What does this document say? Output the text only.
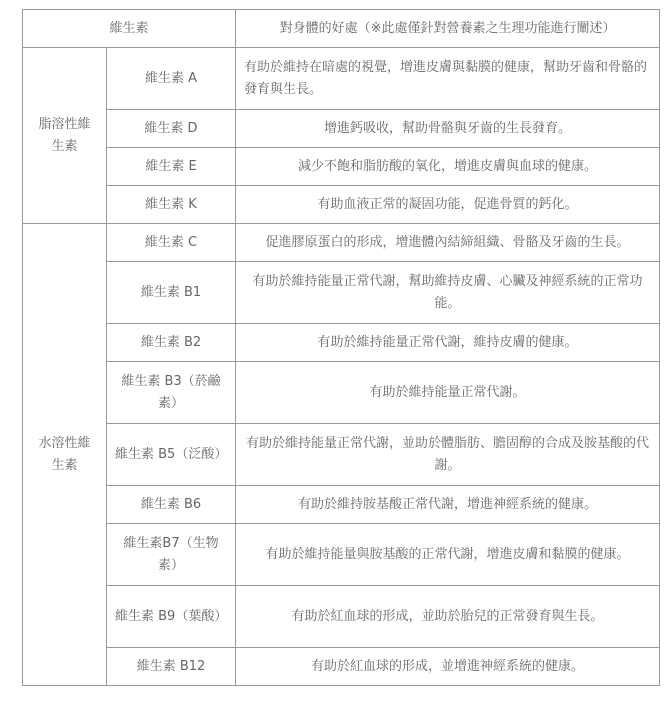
維生素		對身體的好處（※此處僅針對營養素之生理功能進行闡述）
脂溶性維生素	維生素 A	有助於維持在暗處的視覺，增進皮膚與黏膜的健康，幫助牙齒和骨骼的發育與生長。
	維生素 D	增進鈣吸收，幫助骨骼與牙齒的生長發育。
	維生素 E	減少不飽和脂肪酸的氧化，增進皮膚與血球的健康。
	維生素 K	有助血液正常的凝固功能，促進骨質的鈣化。
水溶性維生素	維生素 C	促進膠原蛋白的形成，增進體內結締組織、骨骼及牙齒的生長。
	維生素 B1	有助於維持能量正常代謝，幫助維持皮膚、心臟及神經系統的正常功能。
	維生素 B2	有助於維持能量正常代謝，維持皮膚的健康。
	維生素 B3（菸鹼素）	有助於維持能量正常代謝。
	維生素 B5（泛酸）	有助於維持能量正常代謝，並助於體脂肪、膽固醇的合成及胺基酸的代謝。
	維生素 B6	有助於維持胺基酸正常代謝，增進神經系統的健康。
	維生素B7（生物素）	有助於維持能量與胺基酸的正常代謝，增進皮膚和黏膜的健康。
	維生素 B9（葉酸）	有助於紅血球的形成，並助於胎兒的正常發育與生長。
	維生素 B12	有助於紅血球的形成，並增進神經系統的健康。
